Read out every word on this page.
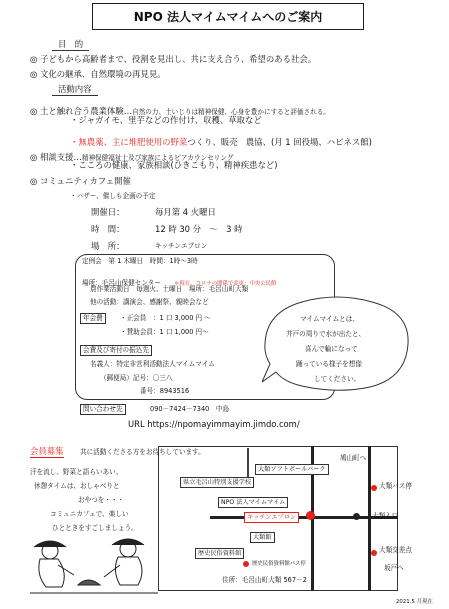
NPO 法人マイムマイムへのご案内
目　的
◎ 子どもから高齢者まで、役割を見出し、共に支え合う、希望のある社会。
◎ 文化の継承、自然環境の再見見。
活動内容
◎ 土と触れ合う農業体験…自然の力、土いじりは精神保健、心身を豊かにすると評価される。
・ジャガイモ、里芋などの作付け、収穫、草取など
・無農薬、主に堆肥使用の野菜つくり、販売　農協、(月 1 回役場、ハピネス館)
◎ 相談支援…精神保健福祉士及び家族によるピアカウンセリング
・こころの健康、家族相談(ひきこもり、精神疾患など)
◎ コミュニティカフェ開催
・バザー、催しも企画の予定
開催日：	毎月第 4 火曜日
時　間：	12 時 30 分　～　3 時
場　所：	キッチンエプロン
定例会　第 1 木曜日　時間：1時～3時
場所：毛呂山保健センター ＊現在、コロナの関係で変更：中央公民館
農作業活動日　毎週火、土曜日　場所：毛呂山町大類
他の活動：講演会、感謝祭、親睦会など
年会費	・正会員　：1 口 3,000 円 ～
・賛助会員：1 口 1,000 円～
会費及び寄付の振込先
名義人：特定非営利活動法人マイムマイム
（郵便局）記号：〇三八
番号：8943516
問い合わせ先	090－7424－7340　中島
URL https://npomayimmayim.jimdo.com/
マイムマイムとは、
井戸の周りで水が出たと、
喜んで輪になって
踊っている様子を想像
してください。
会員募集	共に活動くださる方をお待ちしています。
汗を流し、野菜と語らいあい、
休憩タイムは、おしゃべりと
おやつを・・・
コミュニカフェで、楽しい
ひとときをすごしましょう。
鳩山町へ
大類ソフトボールパーク
県立毛呂山特別支援学校
NPO 法人マイムマイム
キッチンエプロン
大類バス停
大類入口
大類館
大類交差点
歴史民俗資料館
歴史民俗資料館バス停	坂戸へ
住所：毛呂山町大類 567－2
2021.5 月現在
